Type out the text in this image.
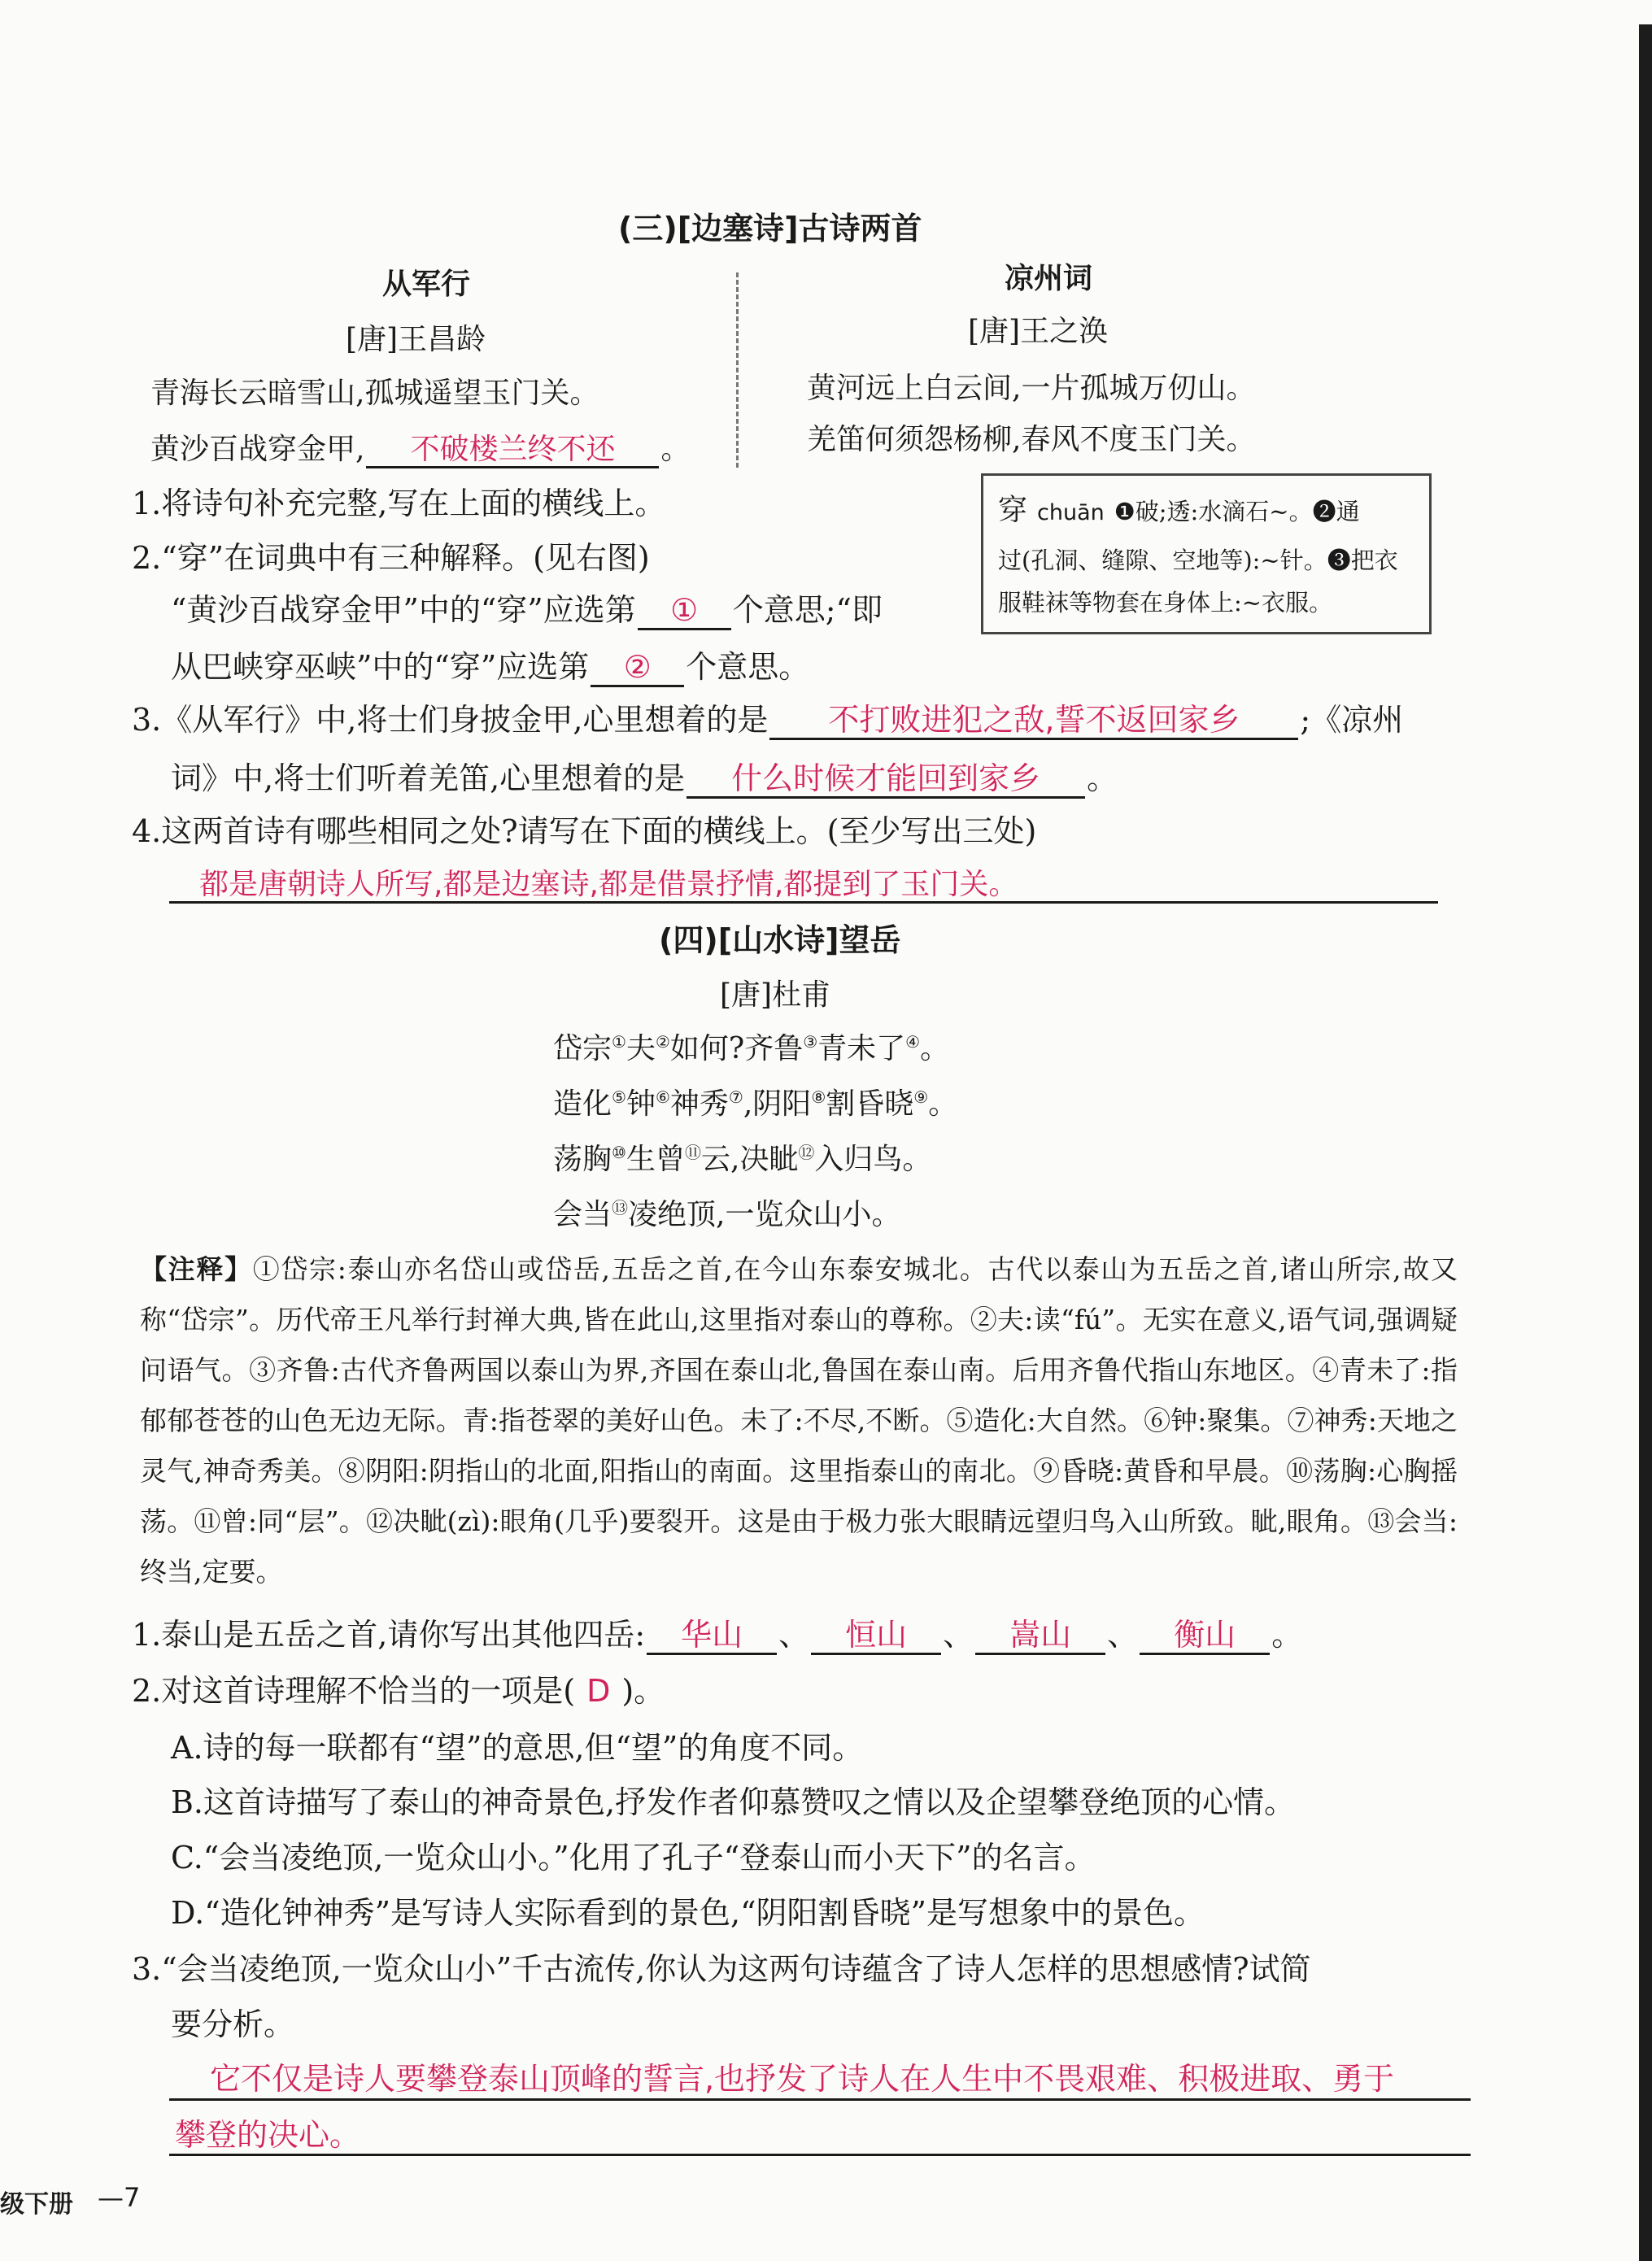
(三)[边塞诗]古诗两首
从军行
[唐]王昌龄
青海长云暗雪山,孤城遥望玉门关。
黄沙百战穿金甲, 不破楼兰终不还 。
凉州词
[唐]王之涣
黄河远上白云间,一片孤城万仞山。
羌笛何须怨杨柳,春风不度玉门关。
穿 chuān ❶破;透:水滴石~。❷通
过(孔洞、缝隙、空地等):~针。❸把衣
服鞋袜等物套在身体上:~衣服。
1.将诗句补充完整,写在上面的横线上。
2.“穿”在词典中有三种解释。(见右图)
“黄沙百战穿金甲”中的“穿”应选第 ① 个意思;“即
从巴峡穿巫峡”中的“穿”应选第 ② 个意思。
3.《从军行》中,将士们身披金甲,心里想着的是 不打败进犯之敌,誓不返回家乡 ;《凉州
词》中,将士们听着羌笛,心里想着的是 什么时候才能回到家乡 。
4.这两首诗有哪些相同之处?请写在下面的横线上。(至少写出三处)
都是唐朝诗人所写,都是边塞诗,都是借景抒情,都提到了玉门关。
(四)[山水诗]望岳
[唐]杜甫
岱宗①夫②如何?齐鲁③青未了④。
造化⑤钟⑥神秀⑦,阴阳⑧割昏晓⑨。
荡胸⑩生曾⑪云,决眦⑫入归鸟。
会当⑬凌绝顶,一览众山小。
【注释】①岱宗:泰山亦名岱山或岱岳,五岳之首,在今山东泰安城北。古代以泰山为五岳之首,诸山所宗,故又称“岱宗”。历代帝王凡举行封禅大典,皆在此山,这里指对泰山的尊称。②夫:读“fú”。无实在意义,语气词,强调疑问语气。③齐鲁:古代齐鲁两国以泰山为界,齐国在泰山北,鲁国在泰山南。后用齐鲁代指山东地区。④青未了:指郁郁苍苍的山色无边无际。青:指苍翠的美好山色。未了:不尽,不断。⑤造化:大自然。⑥钟:聚集。⑦神秀:天地之灵气,神奇秀美。⑧阴阳:阴指山的北面,阳指山的南面。这里指泰山的南北。⑨昏晓:黄昏和早晨。⑩荡胸:心胸摇荡。⑪曾:同“层”。⑫决眦(zì):眼角(几乎)要裂开。这是由于极力张大眼睛远望归鸟入山所致。眦,眼角。⑬会当:终当,定要。
1.泰山是五岳之首,请你写出其他四岳: 华山 、 恒山 、 嵩山 、 衡山 。
2.对这首诗理解不恰当的一项是( D )。
A.诗的每一联都有“望”的意思,但“望”的角度不同。
B.这首诗描写了泰山的神奇景色,抒发作者仰慕赞叹之情以及企望攀登绝顶的心情。
C.“会当凌绝顶,一览众山小。”化用了孔子“登泰山而小天下”的名言。
D.“造化钟神秀”是写诗人实际看到的景色,“阴阳割昏晓”是写想象中的景色。
3.“会当凌绝顶,一览众山小”千古流传,你认为这两句诗蕴含了诗人怎样的思想感情?试简
要分析。
它不仅是诗人要攀登泰山顶峰的誓言,也抒发了诗人在人生中不畏艰难、积极进取、勇于
攀登的决心。
级下册 —7
